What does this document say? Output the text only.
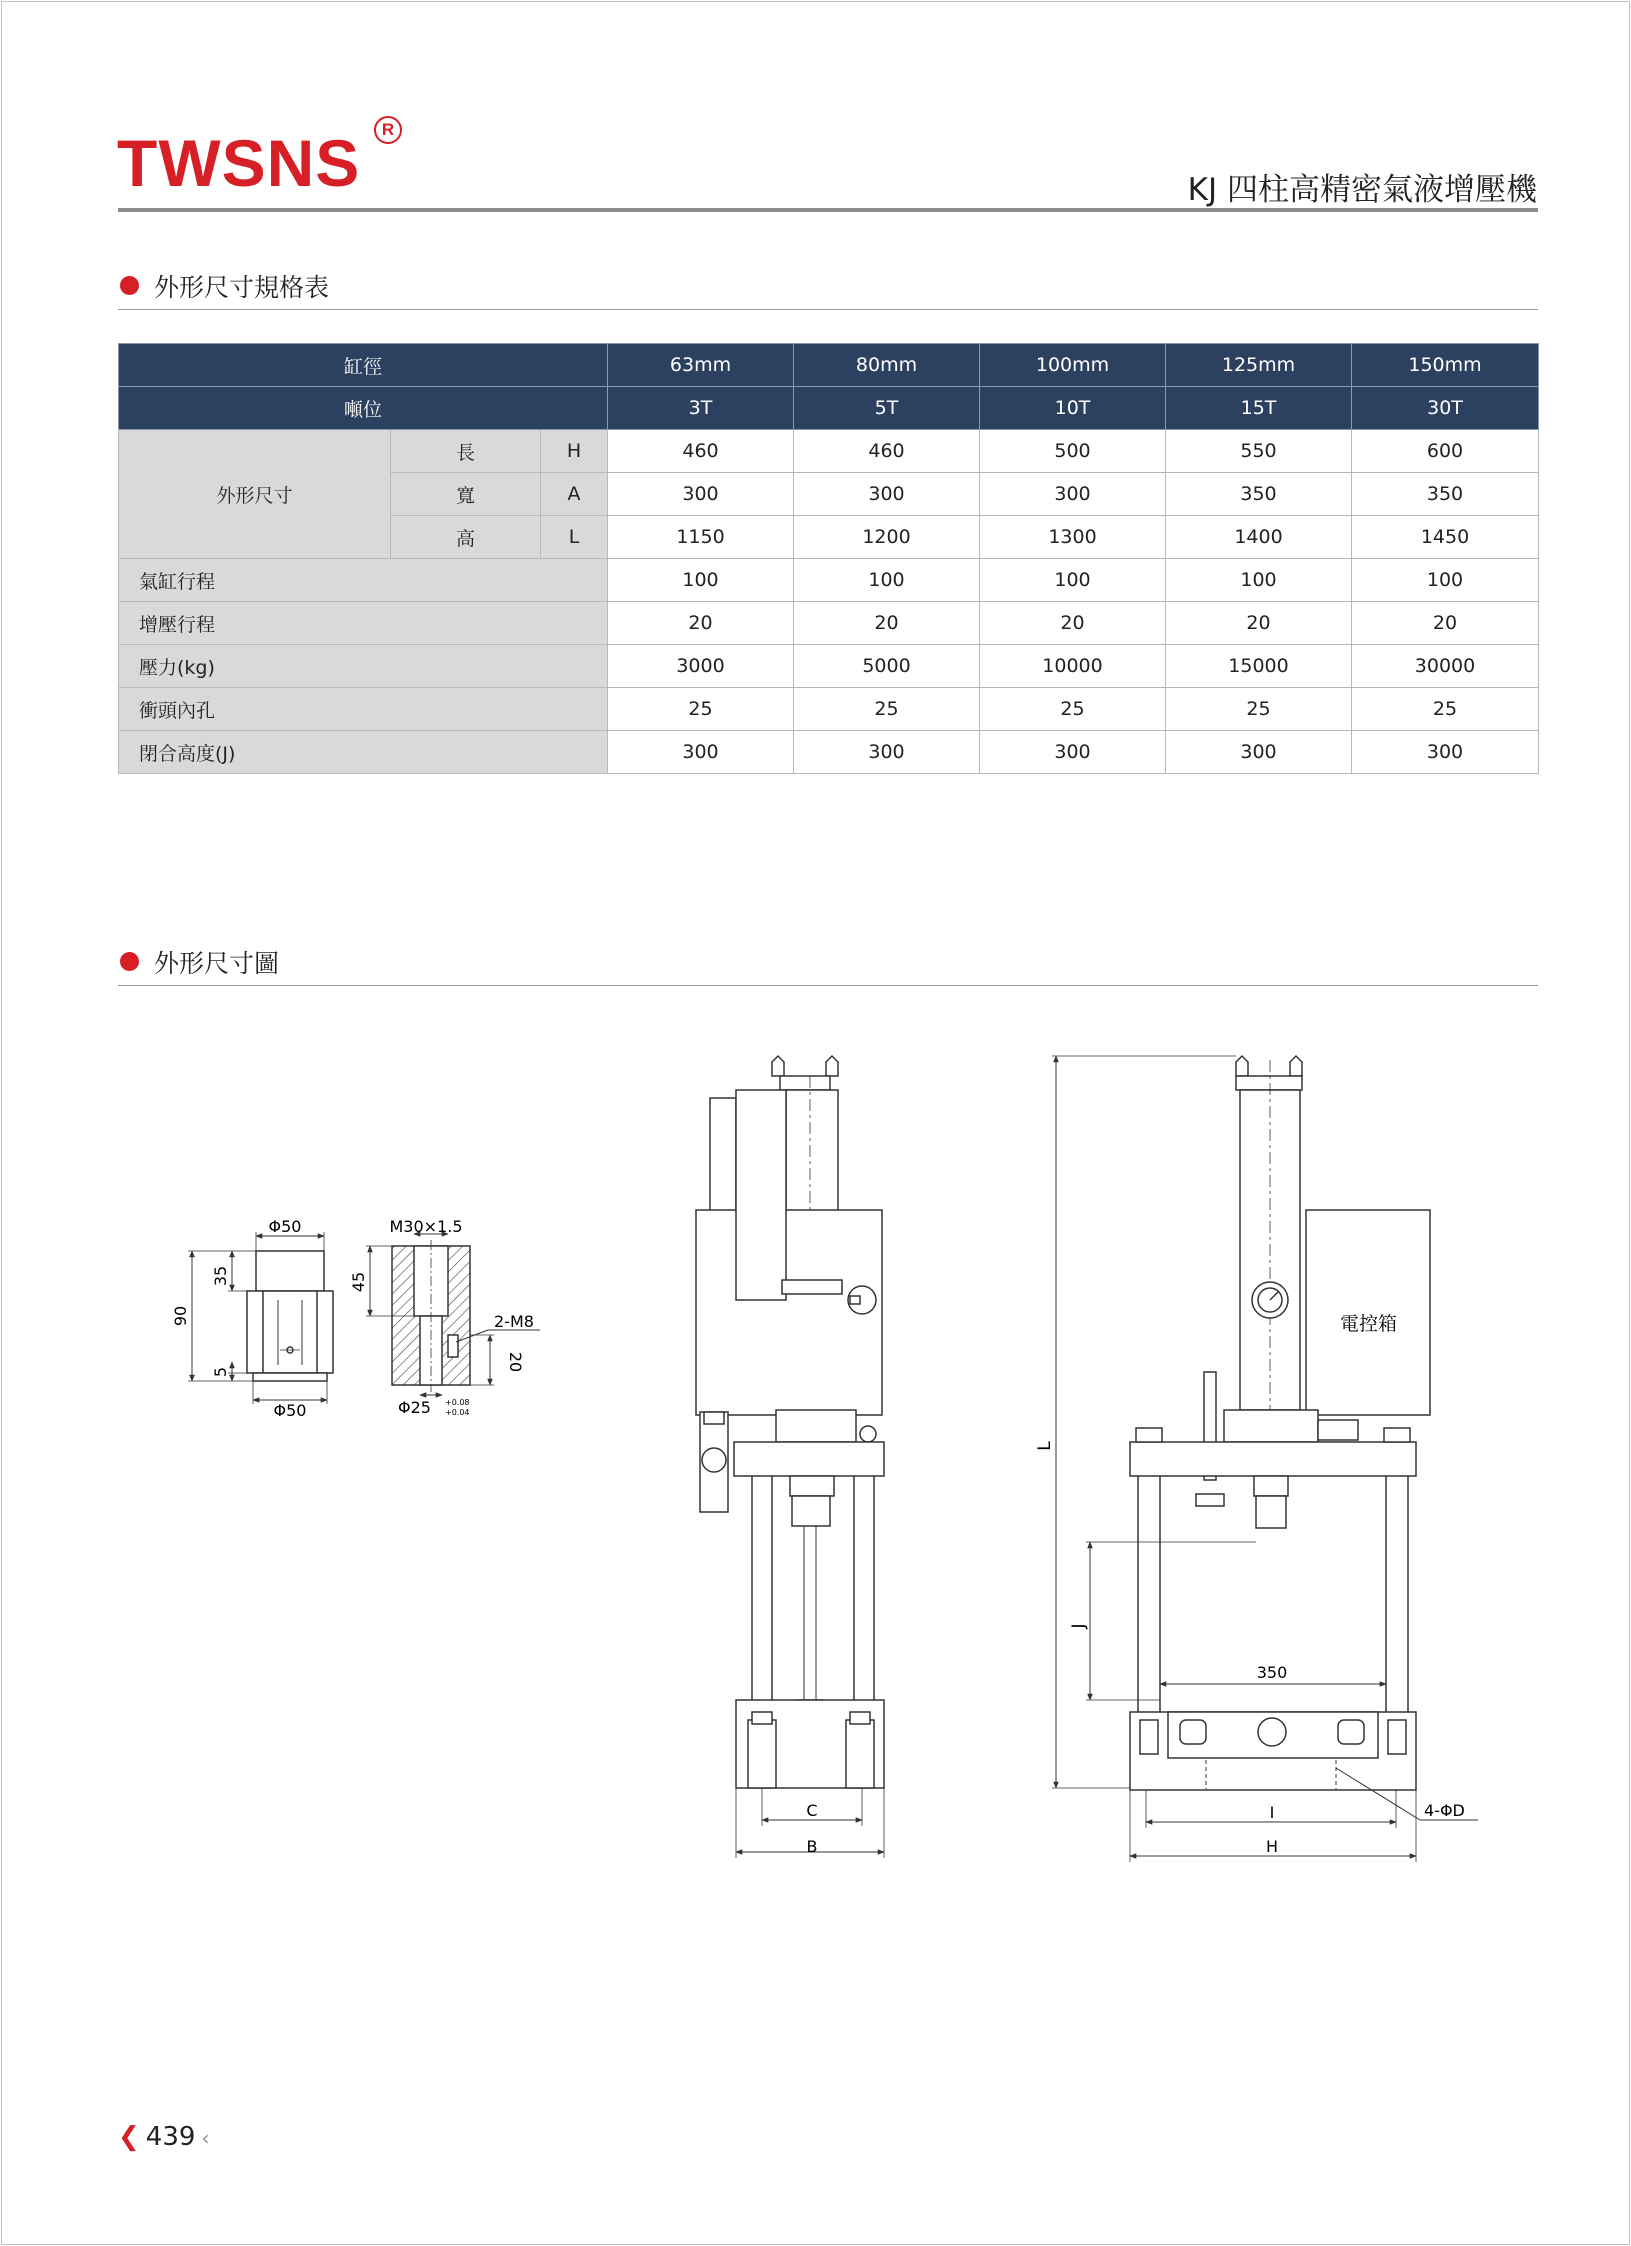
TWSNS	R
KJ 四柱高精密氣液增壓機
外形尺寸規格表
缸徑			63mm	80mm	100mm	125mm	150mm
噸位			3T	5T	10T	15T	30T
外形尺寸	長	H	460	460	500	550	600
	寬	A	300	300	300	350	350
	高	L	1150	1200	1300	1400	1450
氣缸行程			100	100	100	100	100
增壓行程			20	20	20	20	20
壓力(kg)			3000	5000	10000	15000	30000
衝頭內孔			25	25	25	25	25
閉合高度(J)			300	300	300	300	300
外形尺寸圖
Φ50
Φ50
90
35
5
M30×1.5
45
2-M8
20
Φ25 +0.08
+0.04
C
B
L
J
350
I
H
4-ΦD
電控箱
❮ 439 ‹
